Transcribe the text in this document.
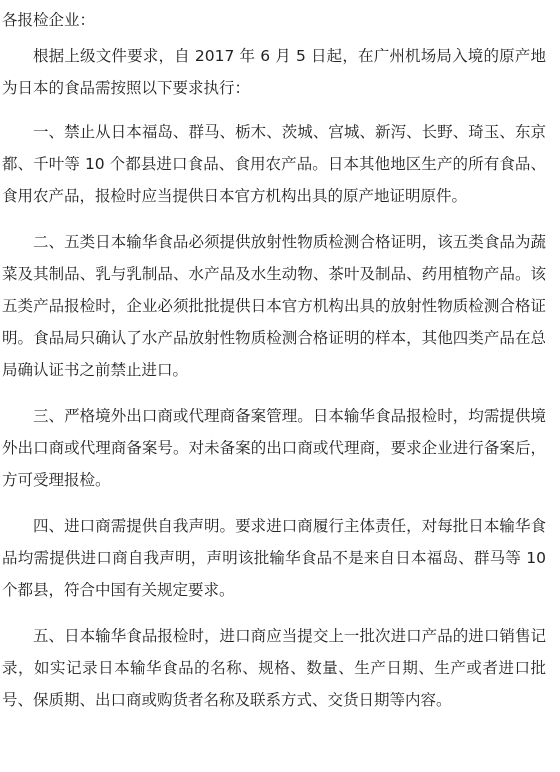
各报检企业：

根据上级文件要求，自 2017 年 6 月 5 日起，在广州机场局入境的原产地为日本的食品需按照以下要求执行：

一、禁止从日本福岛、群马、栃木、茨城、宫城、新泻、长野、琦玉、东京都、千叶等 10 个都县进口食品、食用农产品。日本其他地区生产的所有食品、食用农产品，报检时应当提供日本官方机构出具的原产地证明原件。

二、五类日本输华食品必须提供放射性物质检测合格证明，该五类食品为蔬菜及其制品、乳与乳制品、水产品及水生动物、茶叶及制品、药用植物产品。该五类产品报检时，企业必须批批提供日本官方机构出具的放射性物质检测合格证明。食品局只确认了水产品放射性物质检测合格证明的样本，其他四类产品在总局确认证书之前禁止进口。

三、严格境外出口商或代理商备案管理。日本输华食品报检时，均需提供境外出口商或代理商备案号。对未备案的出口商或代理商，要求企业进行备案后，方可受理报检。

四、进口商需提供自我声明。要求进口商履行主体责任，对每批日本输华食品均需提供进口商自我声明，声明该批输华食品不是来自日本福岛、群马等 10 个都县，符合中国有关规定要求。

五、日本输华食品报检时，进口商应当提交上一批次进口产品的进口销售记录，如实记录日本输华食品的名称、规格、数量、生产日期、生产或者进口批号、保质期、出口商或购货者名称及联系方式、交货日期等内容。
